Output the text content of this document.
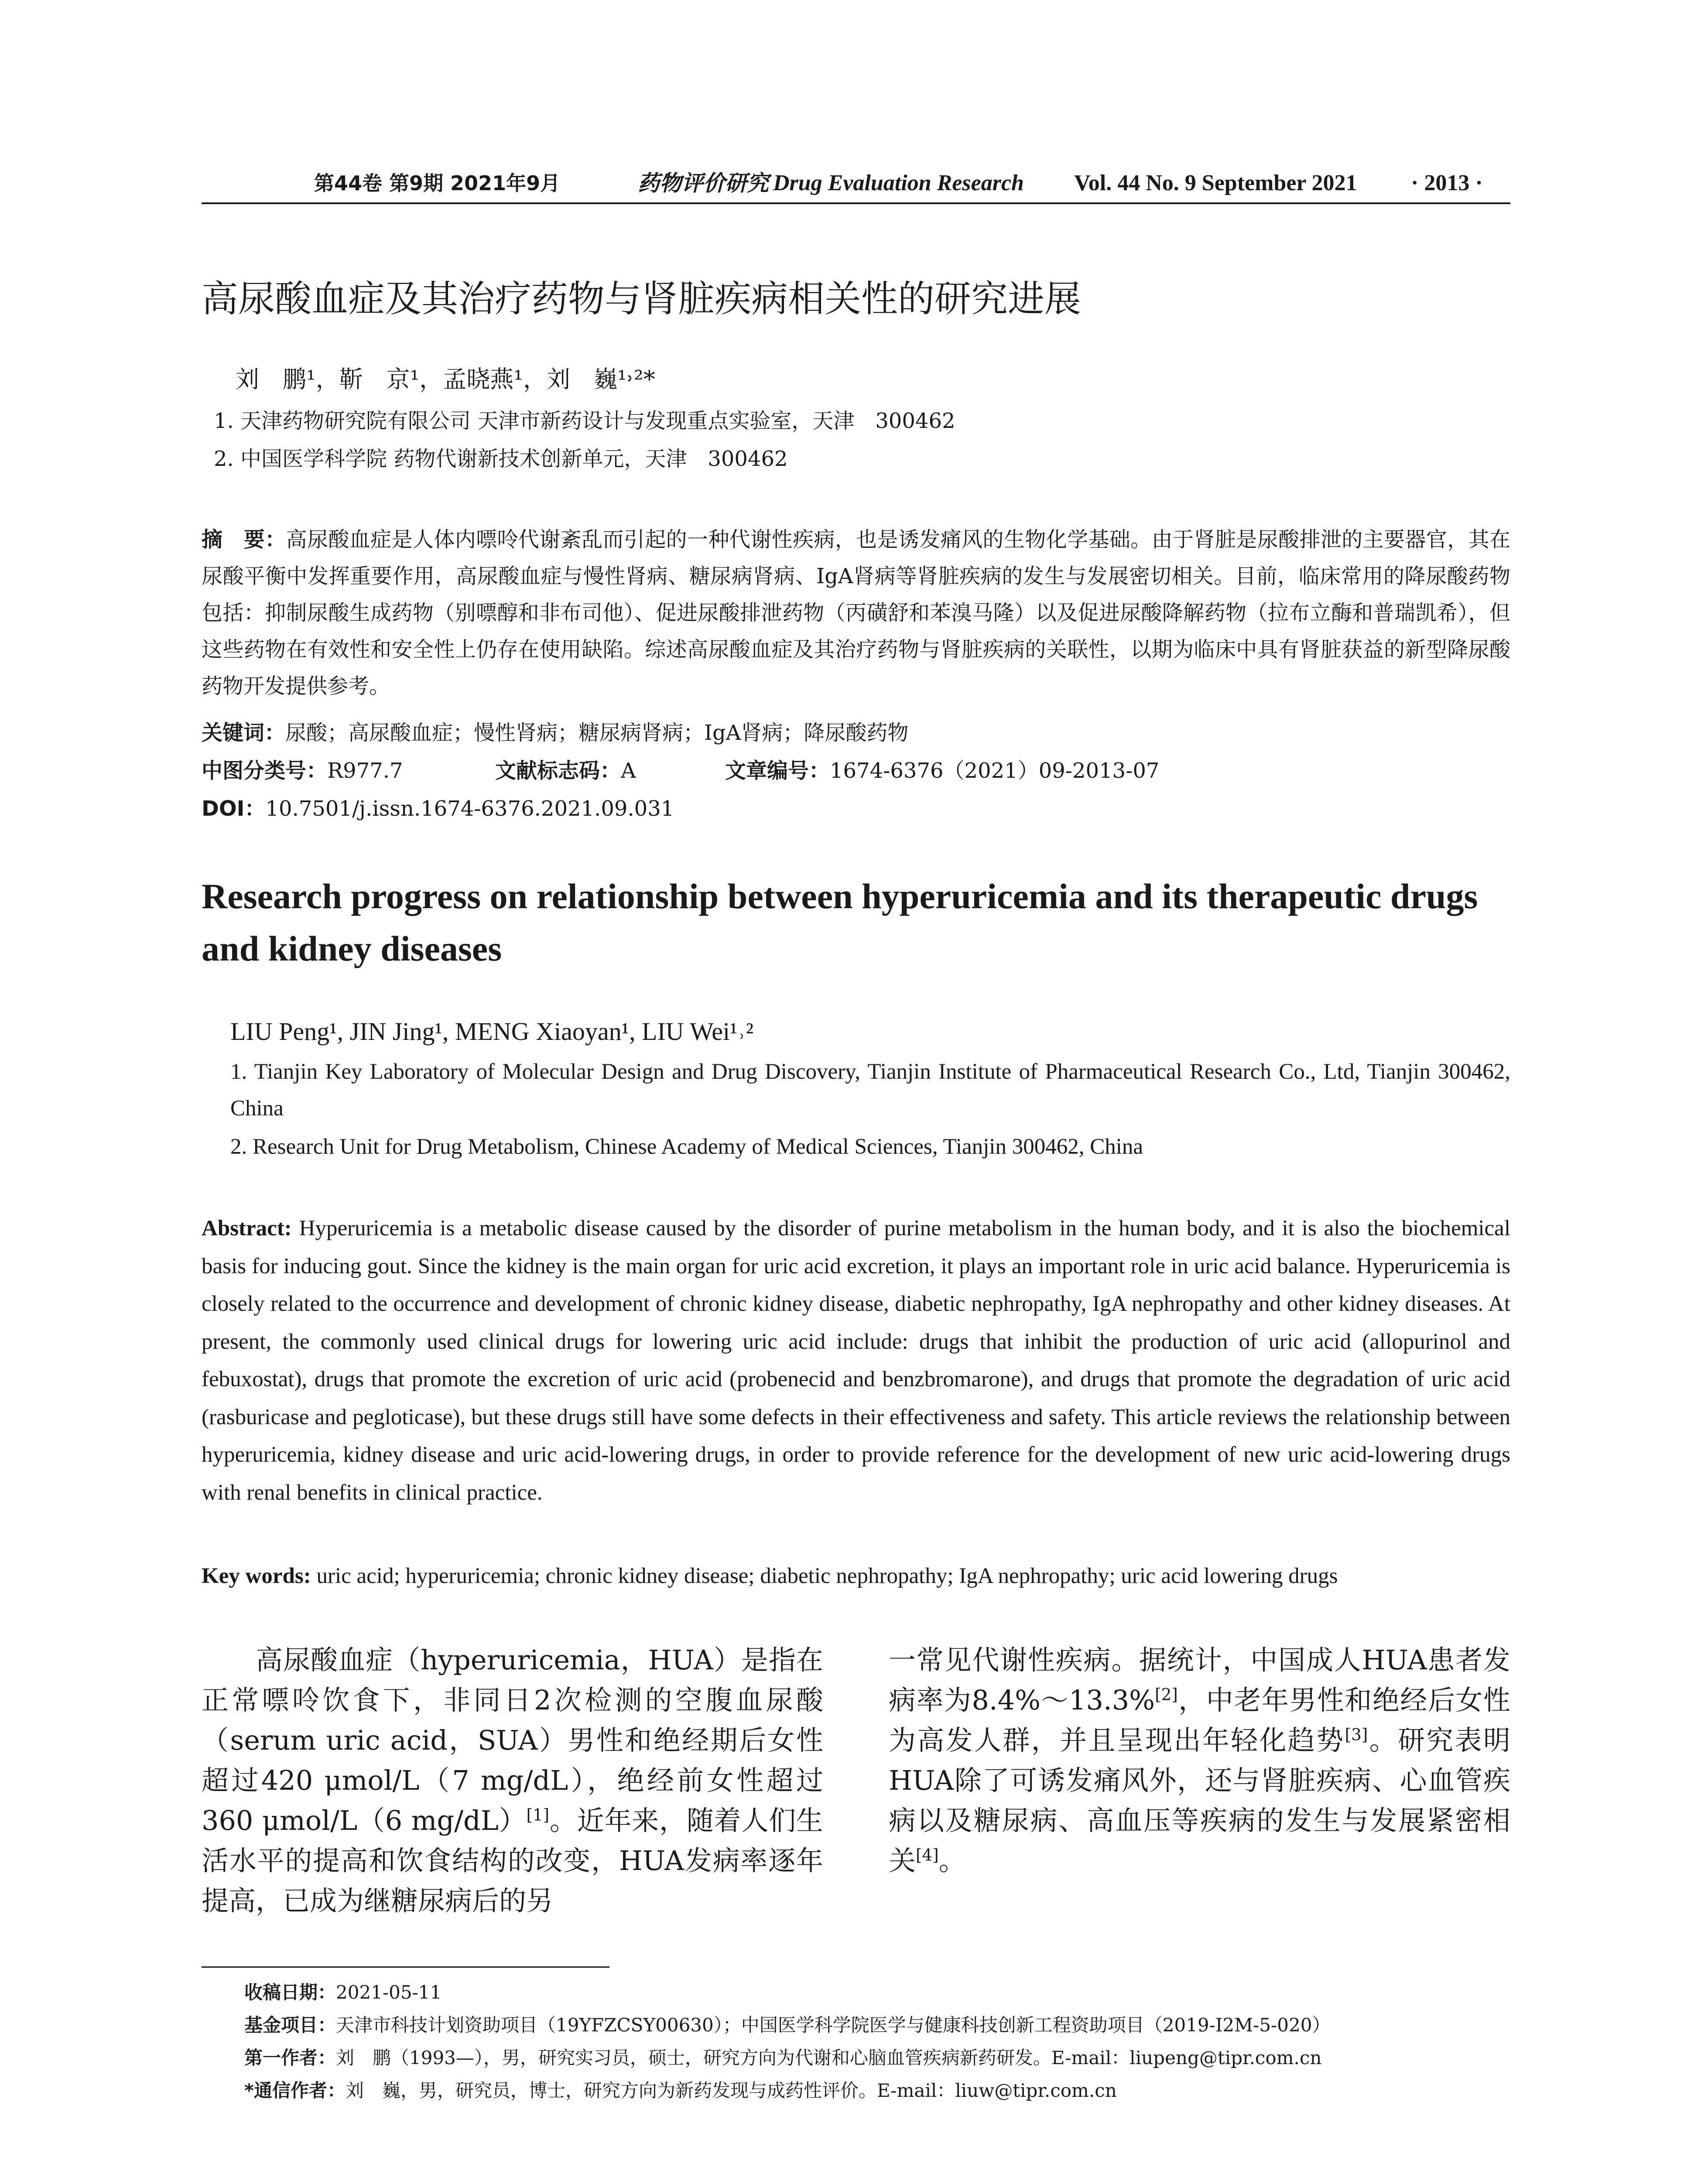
第44卷 第9期 2021年9月	药物评价研究 Drug Evaluation Research Vol. 44 No. 9 September 2021 · 2013 ·
高尿酸血症及其治疗药物与肾脏疾病相关性的研究进展
刘　鹏¹，靳　京¹，孟晓燕¹，刘　巍¹˒²*
1. 天津药物研究院有限公司 天津市新药设计与发现重点实验室，天津　300462
2. 中国医学科学院 药物代谢新技术创新单元，天津　300462
摘　要：高尿酸血症是人体内嘌呤代谢紊乱而引起的一种代谢性疾病，也是诱发痛风的生物化学基础。由于肾脏是尿酸排泄的主要器官，其在尿酸平衡中发挥重要作用，高尿酸血症与慢性肾病、糖尿病肾病、IgA肾病等肾脏疾病的发生与发展密切相关。目前，临床常用的降尿酸药物包括：抑制尿酸生成药物（别嘌醇和非布司他）、促进尿酸排泄药物（丙磺舒和苯溴马隆）以及促进尿酸降解药物（拉布立酶和普瑞凯希），但这些药物在有效性和安全性上仍存在使用缺陷。综述高尿酸血症及其治疗药物与肾脏疾病的关联性，以期为临床中具有肾脏获益的新型降尿酸药物开发提供参考。
关键词：尿酸；高尿酸血症；慢性肾病；糖尿病肾病；IgA肾病；降尿酸药物
中图分类号：R977.7	文献标志码：A	文章编号：1674-6376（2021）09-2013-07
DOI：10.7501/j.issn.1674-6376.2021.09.031
Research progress on relationship between hyperuricemia and its therapeutic drugs and kidney diseases
LIU Peng¹, JIN Jing¹, MENG Xiaoyan¹, LIU Wei¹˒²
1. Tianjin Key Laboratory of Molecular Design and Drug Discovery, Tianjin Institute of Pharmaceutical Research Co., Ltd, Tianjin 300462, China
2. Research Unit for Drug Metabolism, Chinese Academy of Medical Sciences, Tianjin 300462, China
Abstract: Hyperuricemia is a metabolic disease caused by the disorder of purine metabolism in the human body, and it is also the biochemical basis for inducing gout. Since the kidney is the main organ for uric acid excretion, it plays an important role in uric acid balance. Hyperuricemia is closely related to the occurrence and development of chronic kidney disease, diabetic nephropathy, IgA nephropathy and other kidney diseases. At present, the commonly used clinical drugs for lowering uric acid include: drugs that inhibit the production of uric acid (allopurinol and febuxostat), drugs that promote the excretion of uric acid (probenecid and benzbromarone), and drugs that promote the degradation of uric acid (rasburicase and pegloticase), but these drugs still have some defects in their effectiveness and safety. This article reviews the relationship between hyperuricemia, kidney disease and uric acid-lowering drugs, in order to provide reference for the development of new uric acid-lowering drugs with renal benefits in clinical practice.
Key words: uric acid; hyperuricemia; chronic kidney disease; diabetic nephropathy; IgA nephropathy; uric acid lowering drugs
高尿酸血症（hyperuricemia，HUA）是指在正常嘌呤饮食下，非同日2次检测的空腹血尿酸（serum uric acid，SUA）男性和绝经期后女性超过420 μmol/L（7 mg/dL），绝经前女性超过360 μmol/L（6 mg/dL）[1]。近年来，随着人们生活水平的提高和饮食结构的改变，HUA发病率逐年提高，已成为继糖尿病后的另
一常见代谢性疾病。据统计，中国成人HUA患者发病率为8.4%～13.3%[2]，中老年男性和绝经后女性为高发人群，并且呈现出年轻化趋势[3]。研究表明HUA除了可诱发痛风外，还与肾脏疾病、心血管疾病以及糖尿病、高血压等疾病的发生与发展紧密相关[4]。
收稿日期：2021-05-11
基金项目：天津市科技计划资助项目（19YFZCSY00630）；中国医学科学院医学与健康科技创新工程资助项目（2019-I2M-5-020）
第一作者：刘　鹏（1993—），男，研究实习员，硕士，研究方向为代谢和心脑血管疾病新药研发。E-mail：liupeng@tipr.com.cn
*通信作者：刘　巍，男，研究员，博士，研究方向为新药发现与成药性评价。E-mail：liuw@tipr.com.cn
